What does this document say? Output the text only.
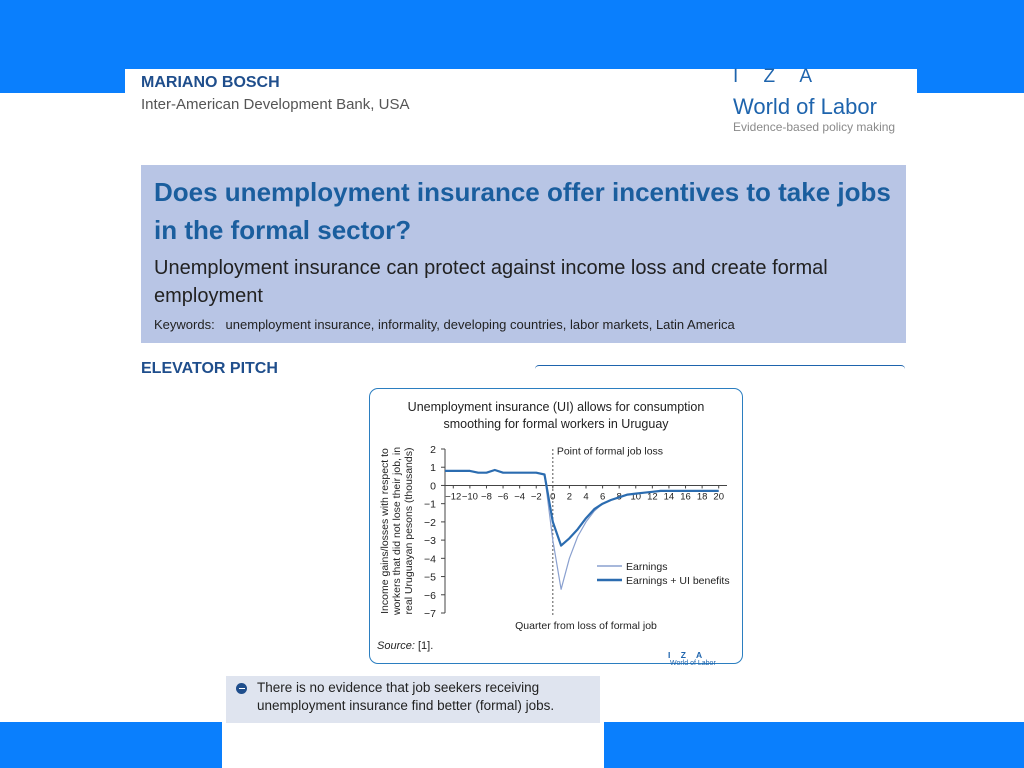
MARIANO BOSCH
Inter-American Development Bank, USA
I Z A
World of Labor
Evidence-based policy making
Does unemployment insurance offer incentives to take jobs in the formal sector?
Unemployment insurance can protect against income loss and create formal employment
Keywords: unemployment insurance, informality, developing countries, labor markets, Latin America
ELEVATOR PITCH
2
1
0
−1
−2
−3
−4
−5
−6
−7
−12 −10 −8 −6 −4 −2 0 2 4 6 8 10 12 14 16 18 20
Point of formal job loss
Earnings
Earnings + UI benefits
Quarter from loss of formal job
Income gains/losses with respect to workers that did not lose their job, in real Uruguayan pesons (thousands)
Unemployment insurance (UI) allows for consumption
smoothing for formal workers in Uruguay
Source: [1].
I Z A
World of Labor
There is no evidence that job seekers receiving unemployment insurance find better (formal) jobs.
